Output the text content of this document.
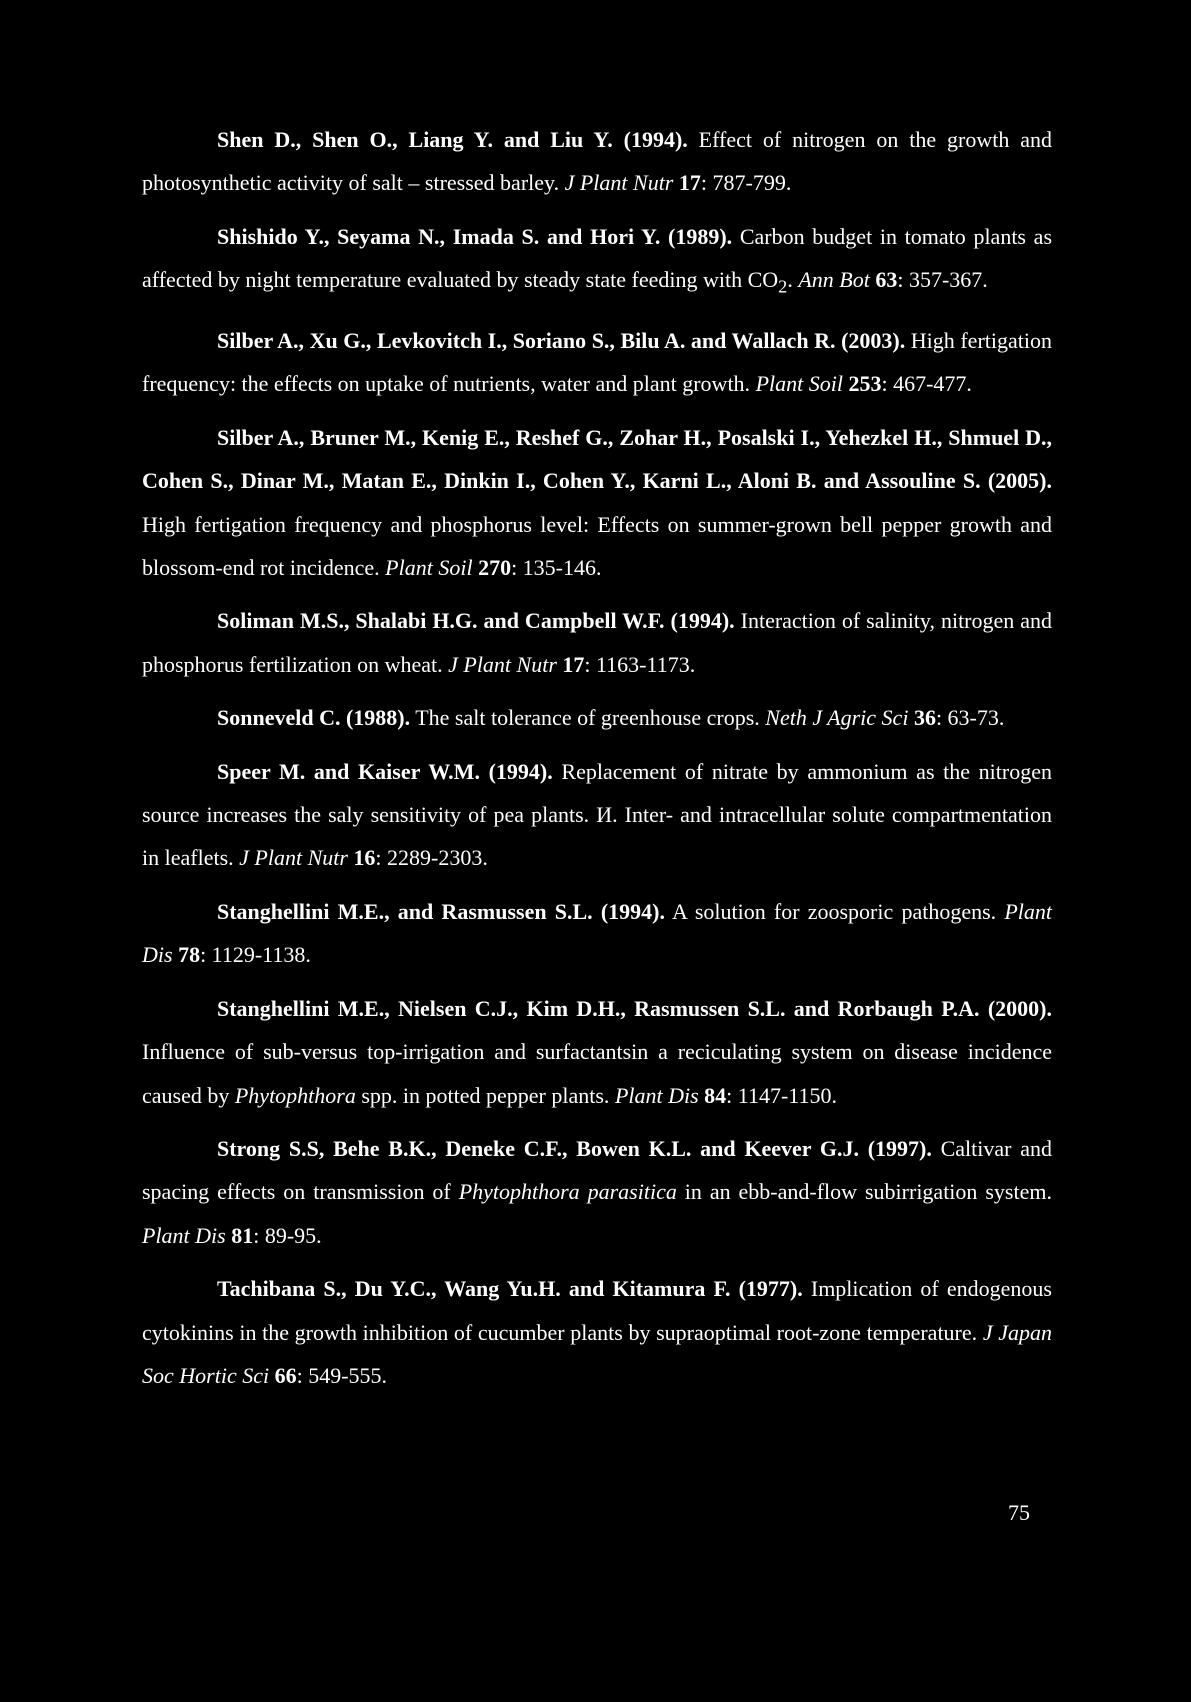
Shen D., Shen O., Liang Y. and Liu Y. (1994). Effect of nitrogen on the growth and photosynthetic activity of salt – stressed barley. J Plant Nutr 17: 787-799.

Shishido Y., Seyama N., Imada S. and Hori Y. (1989). Carbon budget in tomato plants as affected by night temperature evaluated by steady state feeding with $CO_2$. Ann Bot 63: 357-367.

Silber A., Xu G., Levkovitch I., Soriano S., Bilu A. and Wallach R. (2003). High fertigation frequency: the effects on uptake of nutrients, water and plant growth. Plant Soil 253: 467-477.

Silber A., Bruner M., Kenig E., Reshef G., Zohar H., Posalski I., Yehezkel H., Shmuel D., Cohen S., Dinar M., Matan E., Dinkin I., Cohen Y., Karni L., Aloni B. and Assouline S. (2005). High fertigation frequency and phosphorus level: Effects on summer-grown bell pepper growth and blossom-end rot incidence. Plant Soil 270: 135-146.

Soliman M.S., Shalabi H.G. and Campbell W.F. (1994). Interaction of salinity, nitrogen and phosphorus fertilization on wheat. J Plant Nutr 17: 1163-1173.

Sonneveld C. (1988). The salt tolerance of greenhouse crops. Neth J Agric Sci 36: 63-73.

Speer M. and Kaiser W.M. (1994). Replacement of nitrate by ammonium as the nitrogen source increases the saly sensitivity of pea plants. И. Inter- and intracellular solute compartmentation in leaflets. J Plant Nutr 16: 2289-2303.

Stanghellini M.E., and Rasmussen S.L. (1994). A solution for zoosporic pathogens. Plant Dis 78: 1129-1138.

Stanghellini M.E., Nielsen C.J., Kim D.H., Rasmussen S.L. and Rorbaugh P.A. (2000). Influence of sub-versus top-irrigation and surfactantsin a reciculating system on disease incidence caused by Phytophthora spp. in potted pepper plants. Plant Dis 84: 1147-1150.

Strong S.S, Behe B.K., Deneke C.F., Bowen K.L. and Keever G.J. (1997). Caltivar and spacing effects on transmission of Phytophthora parasitica in an ebb-and-flow subirrigation system. Plant Dis 81: 89-95.

Tachibana S., Du Y.C., Wang Yu.H. and Kitamura F. (1977). Implication of endogenous cytokinins in the growth inhibition of cucumber plants by supraoptimal root-zone temperature. J Japan Soc Hortic Sci 66: 549-555.

75
